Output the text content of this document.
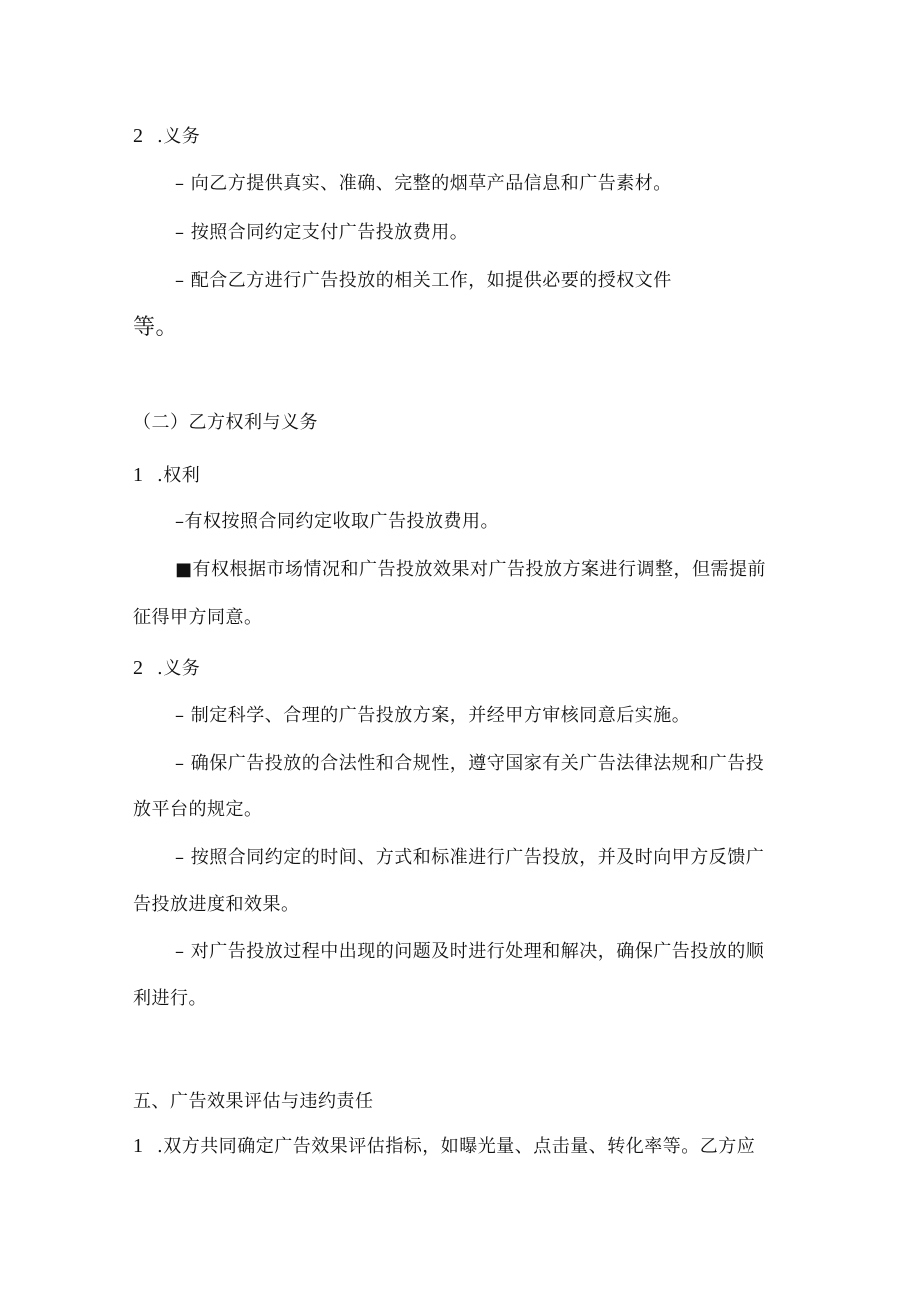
2 .义务
– 向乙方提供真实、准确、完整的烟草产品信息和广告素材。
– 按照合同约定支付广告投放费用。
– 配合乙方进行广告投放的相关工作，如提供必要的授权文件
等。
（二）乙方权利与义务
1 .权利
–有权按照合同约定收取广告投放费用。
■有权根据市场情况和广告投放效果对广告投放方案进行调整，但需提前
征得甲方同意。
2 .义务
– 制定科学、合理的广告投放方案，并经甲方审核同意后实施。
– 确保广告投放的合法性和合规性，遵守国家有关广告法律法规和广告投
放平台的规定。
– 按照合同约定的时间、方式和标准进行广告投放，并及时向甲方反馈广
告投放进度和效果。
– 对广告投放过程中出现的问题及时进行处理和解决，确保广告投放的顺
利进行。
五、广告效果评估与违约责任
1 .双方共同确定广告效果评估指标，如曝光量、点击量、转化率等。乙方应
